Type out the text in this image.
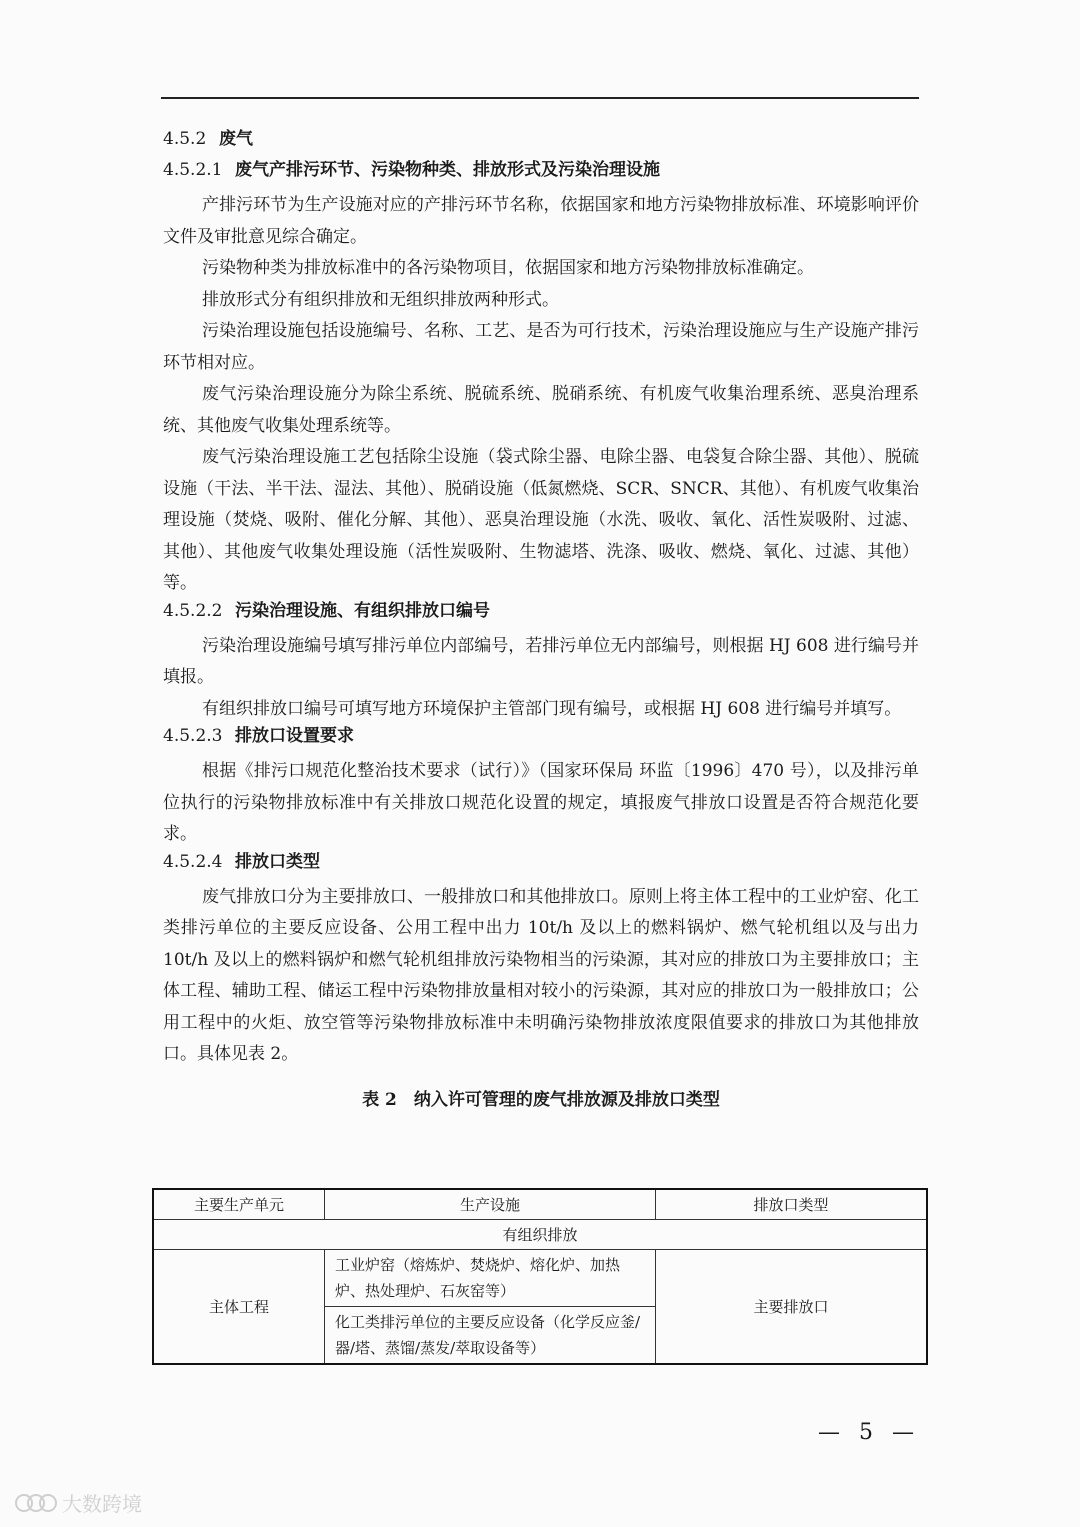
4.5.2 废气
4.5.2.1 废气产排污环节、污染物种类、排放形式及污染治理设施

产排污环节为生产设施对应的产排污环节名称，依据国家和地方污染物排放标准、环境影响评价文件及审批意见综合确定。

污染物种类为排放标准中的各污染物项目，依据国家和地方污染物排放标准确定。

排放形式分有组织排放和无组织排放两种形式。

污染治理设施包括设施编号、名称、工艺、是否为可行技术，污染治理设施应与生产设施产排污环节相对应。

废气污染治理设施分为除尘系统、脱硫系统、脱硝系统、有机废气收集治理系统、恶臭治理系统、其他废气收集处理系统等。

废气污染治理设施工艺包括除尘设施（袋式除尘器、电除尘器、电袋复合除尘器、其他）、脱硫设施（干法、半干法、湿法、其他）、脱硝设施（低氮燃烧、SCR、SNCR、其他）、有机废气收集治理设施（焚烧、吸附、催化分解、其他）、恶臭治理设施（水洗、吸收、氧化、活性炭吸附、过滤、其他）、其他废气收集处理设施（活性炭吸附、生物滤塔、洗涤、吸收、燃烧、氧化、过滤、其他）等。

4.5.2.2 污染治理设施、有组织排放口编号

污染治理设施编号填写排污单位内部编号，若排污单位无内部编号，则根据 HJ 608 进行编号并填报。

有组织排放口编号可填写地方环境保护主管部门现有编号，或根据 HJ 608 进行编号并填写。

4.5.2.3 排放口设置要求

根据《排污口规范化整治技术要求（试行）》（国家环保局 环监〔1996〕470 号），以及排污单位执行的污染物排放标准中有关排放口规范化设置的规定，填报废气排放口设置是否符合规范化要求。

4.5.2.4 排放口类型

废气排放口分为主要排放口、一般排放口和其他排放口。原则上将主体工程中的工业炉窑、化工类排污单位的主要反应设备、公用工程中出力 10t/h 及以上的燃料锅炉、燃气轮机组以及与出力 10t/h 及以上的燃料锅炉和燃气轮机组排放污染物相当的污染源，其对应的排放口为主要排放口；主体工程、辅助工程、储运工程中污染物排放量相对较小的污染源，其对应的排放口为一般排放口；公用工程中的火炬、放空管等污染物排放标准中未明确污染物排放浓度限值要求的排放口为其他排放口。具体见表 2。

表 2　纳入许可管理的废气排放源及排放口类型
主要生产单元	生产设施	排放口类型
有组织排放		
主体工程	工业炉窑（熔炼炉、焚烧炉、熔化炉、加热炉、热处理炉、石灰窑等）	主要排放口
	化工类排污单位的主要反应设备（化学反应釜/器/塔、蒸馏/蒸发/萃取设备等）	
— 5 —
大数跨境
